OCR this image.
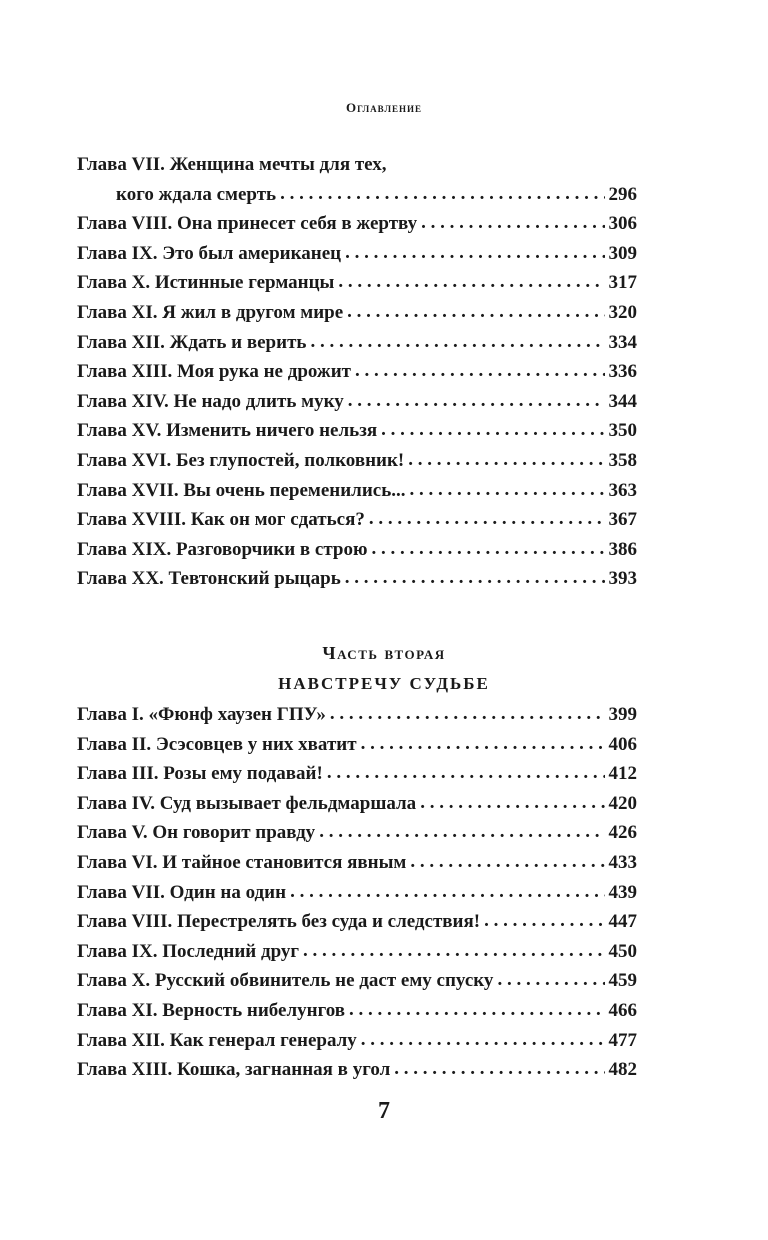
Оглавление
Глава VII. Женщина мечты для тех,
кого ждала смерть . . .	296
Глава VIII. Она принесет себя в жертву . . .	306
Глава IX. Это был американец . . .	309
Глава X. Истинные германцы . . .	317
Глава XI. Я жил в другом мире . . .	320
Глава XII. Ждать и верить . . .	334
Глава XIII. Моя рука не дрожит . . .	336
Глава XIV. Не надо длить муку . . .	344
Глава XV. Изменить ничего нельзя . . .	350
Глава XVI. Без глупостей, полковник! . . .	358
Глава XVII. Вы очень переменились... . . .	363
Глава XVIII. Как он мог сдаться? . . .	367
Глава XIX. Разговорчики в строю . . .	386
Глава XX. Тевтонский рыцарь . . .	393
Часть вторая
НАВСТРЕЧУ СУДЬБЕ
Глава I. «Фюнф хаузен ГПУ» . . .	399
Глава II. Эсэсовцев у них хватит . . .	406
Глава III. Розы ему подавай! . . .	412
Глава IV. Суд вызывает фельдмаршала . . .	420
Глава V. Он говорит правду . . .	426
Глава VI. И тайное становится явным . . .	433
Глава VII. Один на один . . .	439
Глава VIII. Перестрелять без суда и следствия! . . .	447
Глава IX. Последний друг . . .	450
Глава X. Русский обвинитель не даст ему спуску . . .	459
Глава XI. Верность нибелунгов . . .	466
Глава XII. Как генерал генералу . . .	477
Глава XIII. Кошка, загнанная в угол . . .	482
7
